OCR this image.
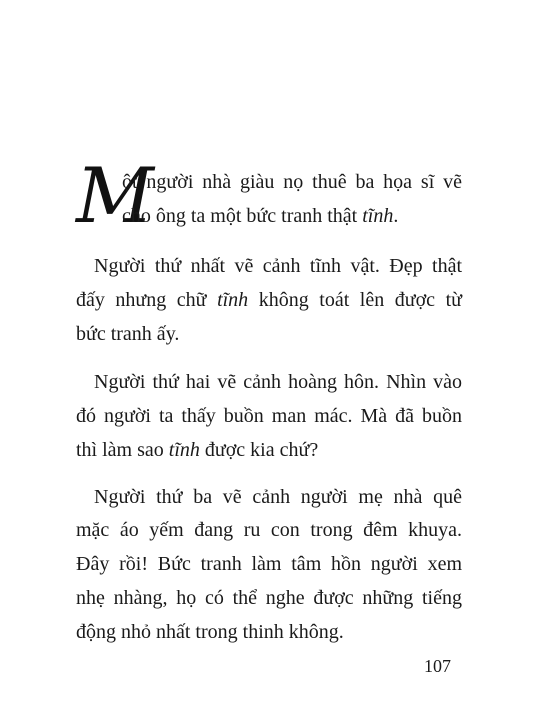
M
ột người nhà giàu nọ thuê ba họa sĩ vẽ
cho ông ta một bức tranh thật tĩnh.
Người thứ nhất vẽ cảnh tĩnh vật. Đẹp thật
đấy nhưng chữ tĩnh không toát lên được từ
bức tranh ấy.
Người thứ hai vẽ cảnh hoàng hôn. Nhìn vào
đó người ta thấy buồn man mác. Mà đã buồn
thì làm sao tĩnh được kia chứ?
Người thứ ba vẽ cảnh người mẹ nhà quê
mặc áo yếm đang ru con trong đêm khuya.
Đây rồi! Bức tranh làm tâm hồn người xem
nhẹ nhàng, họ có thể nghe được những tiếng
động nhỏ nhất trong thinh không.
107
